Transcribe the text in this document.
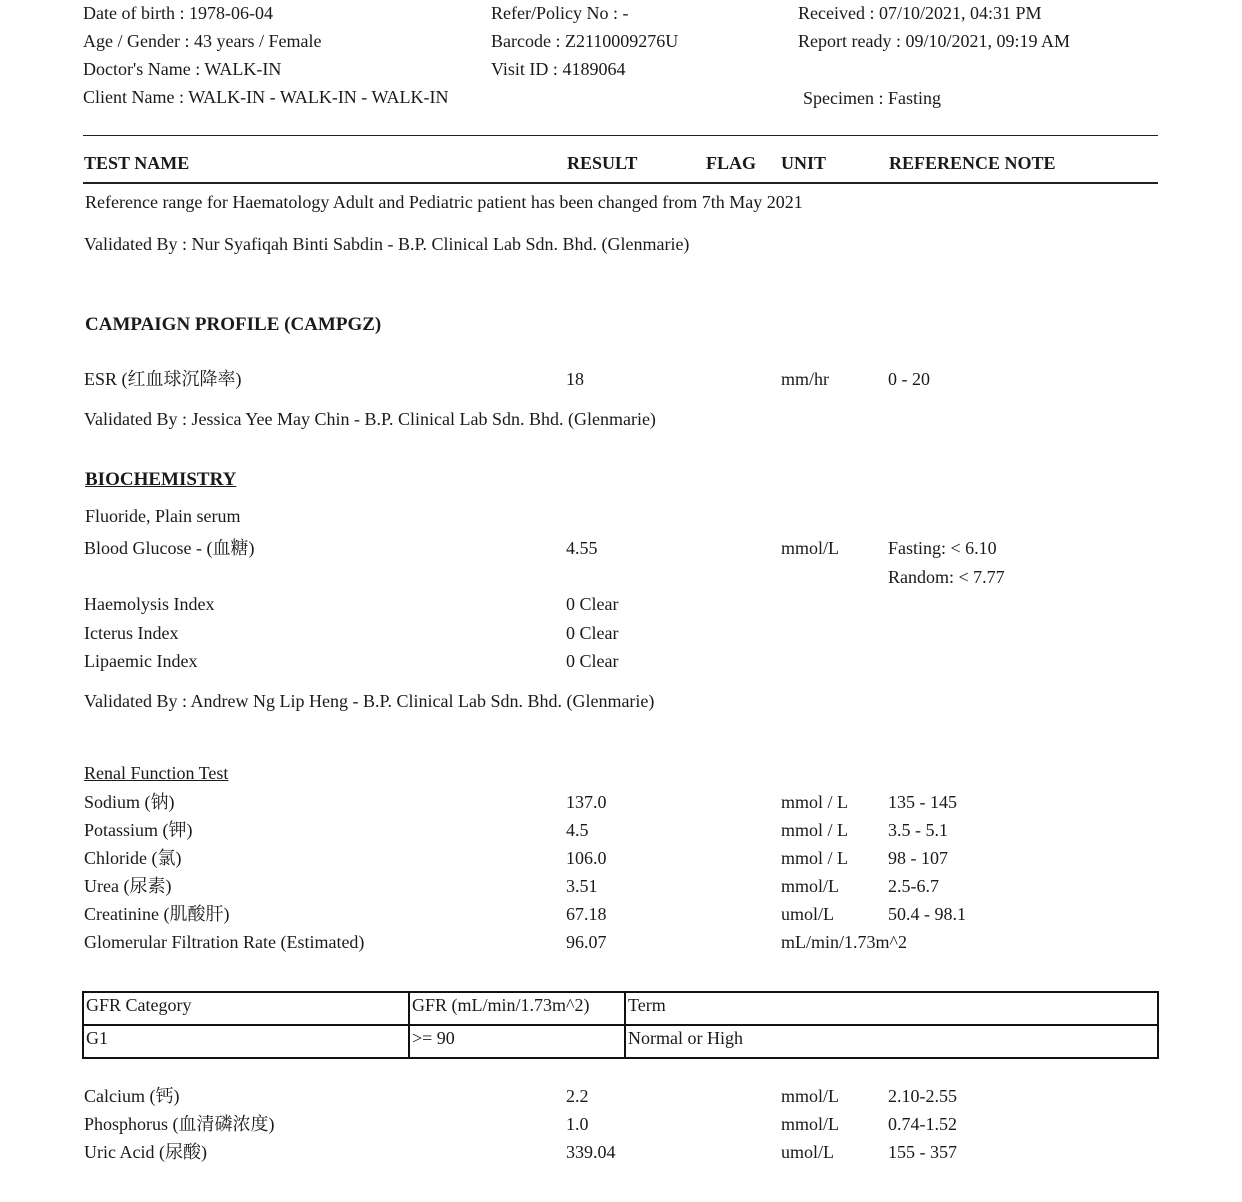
Date of birth : 1978-06-04
Age / Gender : 43 years / Female
Doctor's Name : WALK-IN
Client Name : WALK-IN - WALK-IN - WALK-IN
Refer/Policy No : -
Barcode : Z2110009276U
Visit ID : 4189064
Received : 07/10/2021, 04:31 PM
Report ready : 09/10/2021, 09:19 AM
Specimen : Fasting
TEST NAME	RESULT	FLAG UNIT	REFERENCE NOTE
Reference range for Haematology Adult and Pediatric patient has been changed from 7th May 2021
Validated By : Nur Syafiqah Binti Sabdin - B.P. Clinical Lab Sdn. Bhd. (Glenmarie)
CAMPAIGN PROFILE (CAMPGZ)
ESR (红血球沉降率)	18	mm/hr	0 - 20
Validated By : Jessica Yee May Chin - B.P. Clinical Lab Sdn. Bhd. (Glenmarie)
BIOCHEMISTRY
Fluoride, Plain serum
Blood Glucose - (血糖)	4.55	mmol/L	Fasting: < 6.10
Random: < 7.77
Haemolysis Index	0 Clear
Icterus Index	0 Clear
Lipaemic Index	0 Clear
Validated By : Andrew Ng Lip Heng - B.P. Clinical Lab Sdn. Bhd. (Glenmarie)
Renal Function Test
Sodium (钠)	137.0	mmol / L 135 - 145
Potassium (钾)	4.5	mmol / L 3.5 - 5.1
Chloride (氯)	106.0	mmol / L 98 - 107
Urea (尿素)	3.51	mmol/L	2.5-6.7
Creatinine (肌酸肝)	67.18	umol/L	50.4 - 98.1
Glomerular Filtration Rate (Estimated)	96.07	mL/min/1.73m^2
GFR Category	GFR (mL/min/1.73m^2)	Term
G1	>= 90	Normal or High
Calcium (钙)	2.2	mmol/L	2.10-2.55
Phosphorus (血清磷浓度)	1.0	mmol/L	0.74-1.52
Uric Acid (尿酸)	339.04	umol/L	155 - 357
